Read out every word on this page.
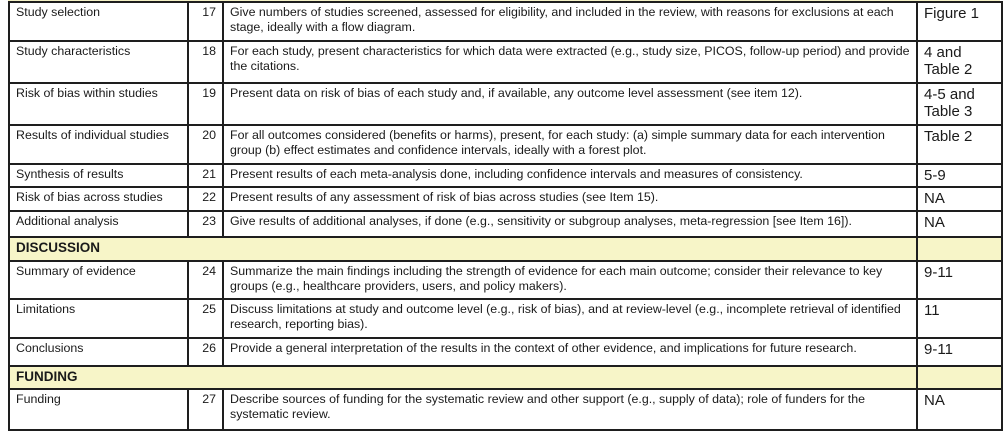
Study selection	17	Give numbers of studies screened, assessed for eligibility, and included in the review, with reasons for exclusions at each stage, ideally with a flow diagram.	Figure 1
Study characteristics	18	For each study, present characteristics for which data were extracted (e.g., study size, PICOS, follow-up period) and provide the citations.	4 and Table 2
Risk of bias within studies	19	Present data on risk of bias of each study and, if available, any outcome level assessment (see item 12).	4-5 and Table 3
Results of individual studies	20	For all outcomes considered (benefits or harms), present, for each study: (a) simple summary data for each intervention group (b) effect estimates and confidence intervals, ideally with a forest plot.	Table 2
Synthesis of results	21	Present results of each meta-analysis done, including confidence intervals and measures of consistency.	5-9
Risk of bias across studies	22	Present results of any assessment of risk of bias across studies (see Item 15).	NA
Additional analysis	23	Give results of additional analyses, if done (e.g., sensitivity or subgroup analyses, meta-regression [see Item 16]).	NA
DISCUSSION			
Summary of evidence	24	Summarize the main findings including the strength of evidence for each main outcome; consider their relevance to key groups (e.g., healthcare providers, users, and policy makers).	9-11
Limitations	25	Discuss limitations at study and outcome level (e.g., risk of bias), and at review-level (e.g., incomplete retrieval of identified research, reporting bias).	11
Conclusions	26	Provide a general interpretation of the results in the context of other evidence, and implications for future research.	9-11
FUNDING			
Funding	27	Describe sources of funding for the systematic review and other support (e.g., supply of data); role of funders for the systematic review.	NA
